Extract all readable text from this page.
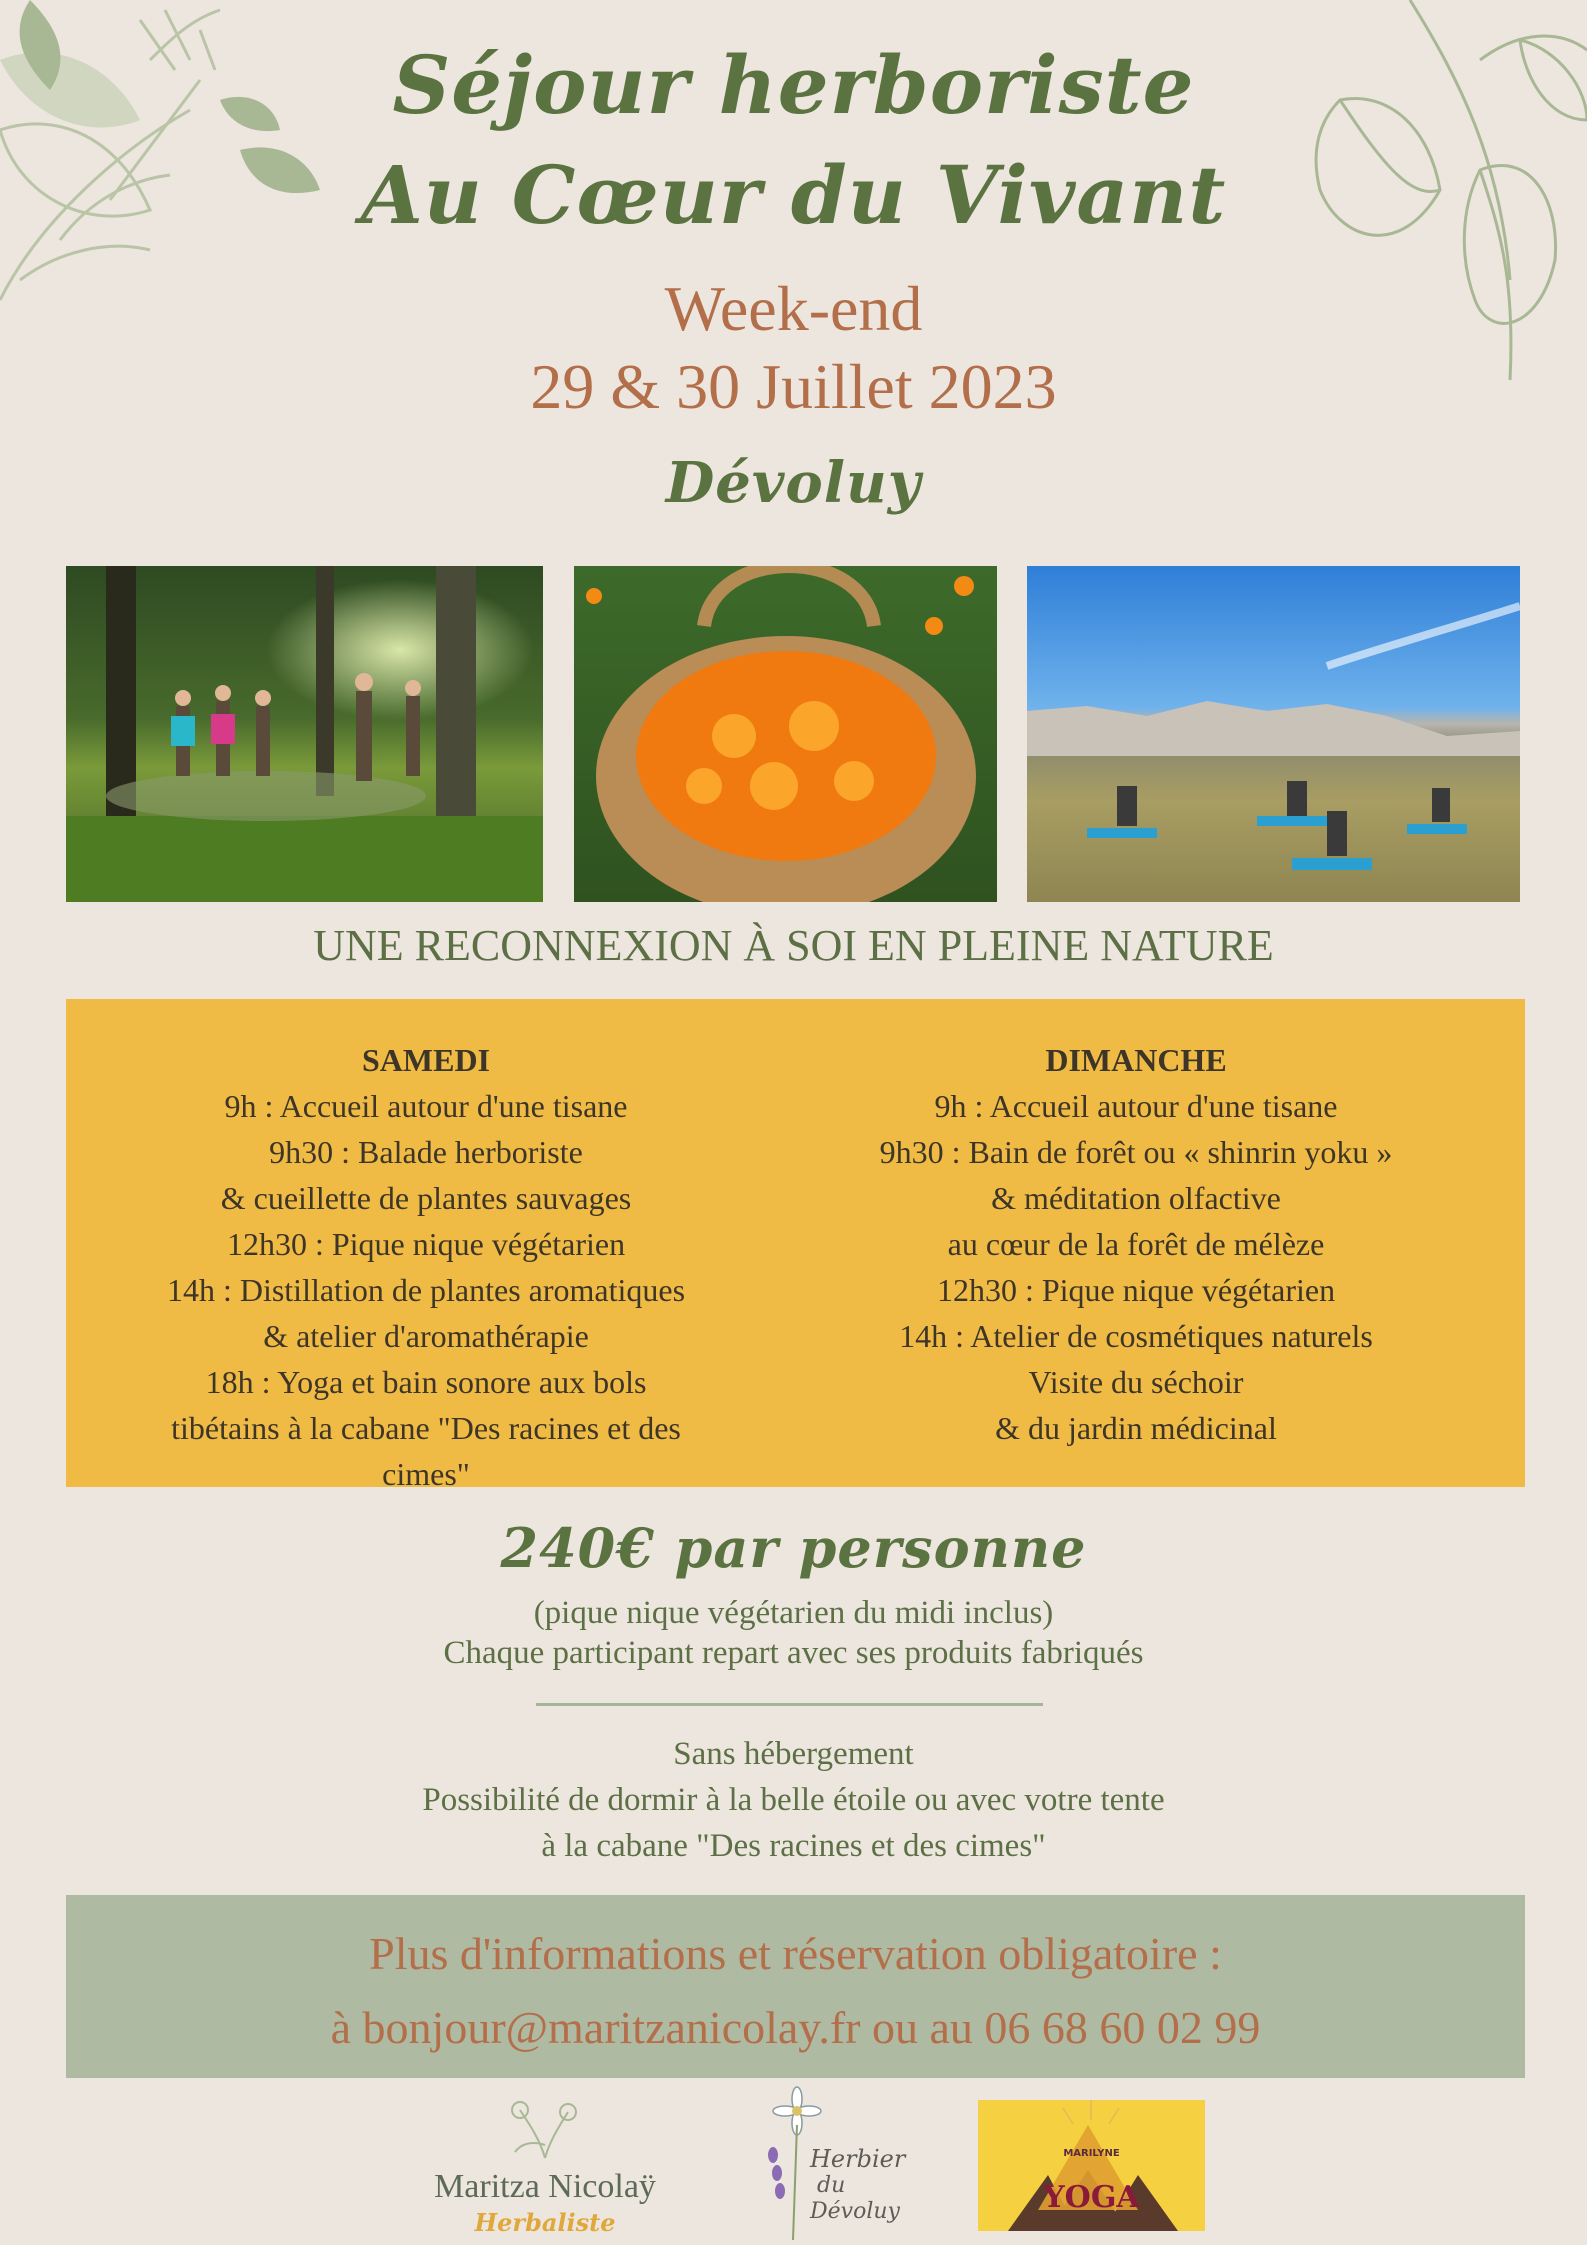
Séjour herboriste
Au Cœur du Vivant
Week-end
29 & 30 Juillet 2023
Dévoluy
UNE RECONNEXION À SOI EN PLEINE NATURE
SAMEDI
9h : Accueil autour d'une tisane
9h30 : Balade herboriste
& cueillette de plantes sauvages
12h30 : Pique nique végétarien
14h : Distillation de plantes aromatiques
& atelier d'aromathérapie
18h : Yoga et bain sonore aux bols
tibétains à la cabane "Des racines et des
cimes"
DIMANCHE
9h : Accueil autour d'une tisane
9h30 : Bain de forêt ou « shinrin yoku »
& méditation olfactive
au cœur de la forêt de mélèze
12h30 : Pique nique végétarien
14h : Atelier de cosmétiques naturels
Visite du séchoir
& du jardin médicinal
240€ par personne
(pique nique végétarien du midi inclus)
Chaque participant repart avec ses produits fabriqués
Sans hébergement
Possibilité de dormir à la belle étoile ou avec votre tente
à la cabane "Des racines et des cimes"
Plus d'informations et réservation obligatoire :
à bonjour@maritzanicolay.fr ou au 06 68 60 02 99
Maritza Nicolaÿ
Herbaliste
Herbier
du
Dévoluy
MARILYNE
YOGA
